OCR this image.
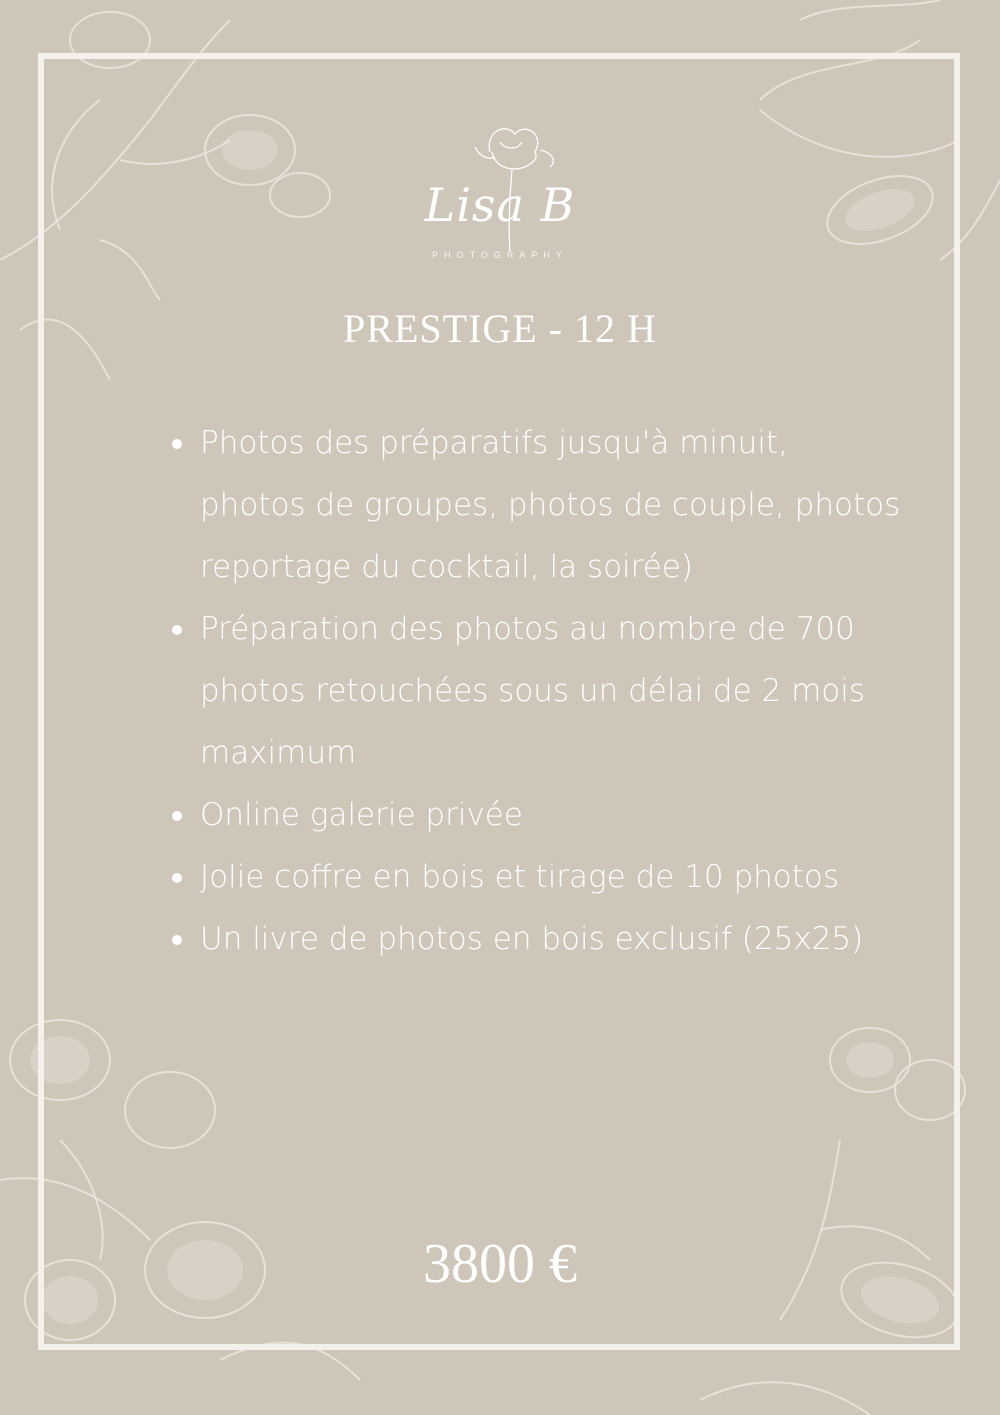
Lisa B
PHOTOGRAPHY
PRESTIGE - 12 H
Photos des préparatifs jusqu'à minuit, photos de groupes, photos de couple, photos reportage du cocktail, la soirée)
Préparation des photos au nombre de 700 photos retouchées sous un délai de 2 mois maximum
Online galerie privée
Jolie coffre en bois et tirage de 10 photos
Un livre de photos en bois exclusif (25x25)
3800 €
